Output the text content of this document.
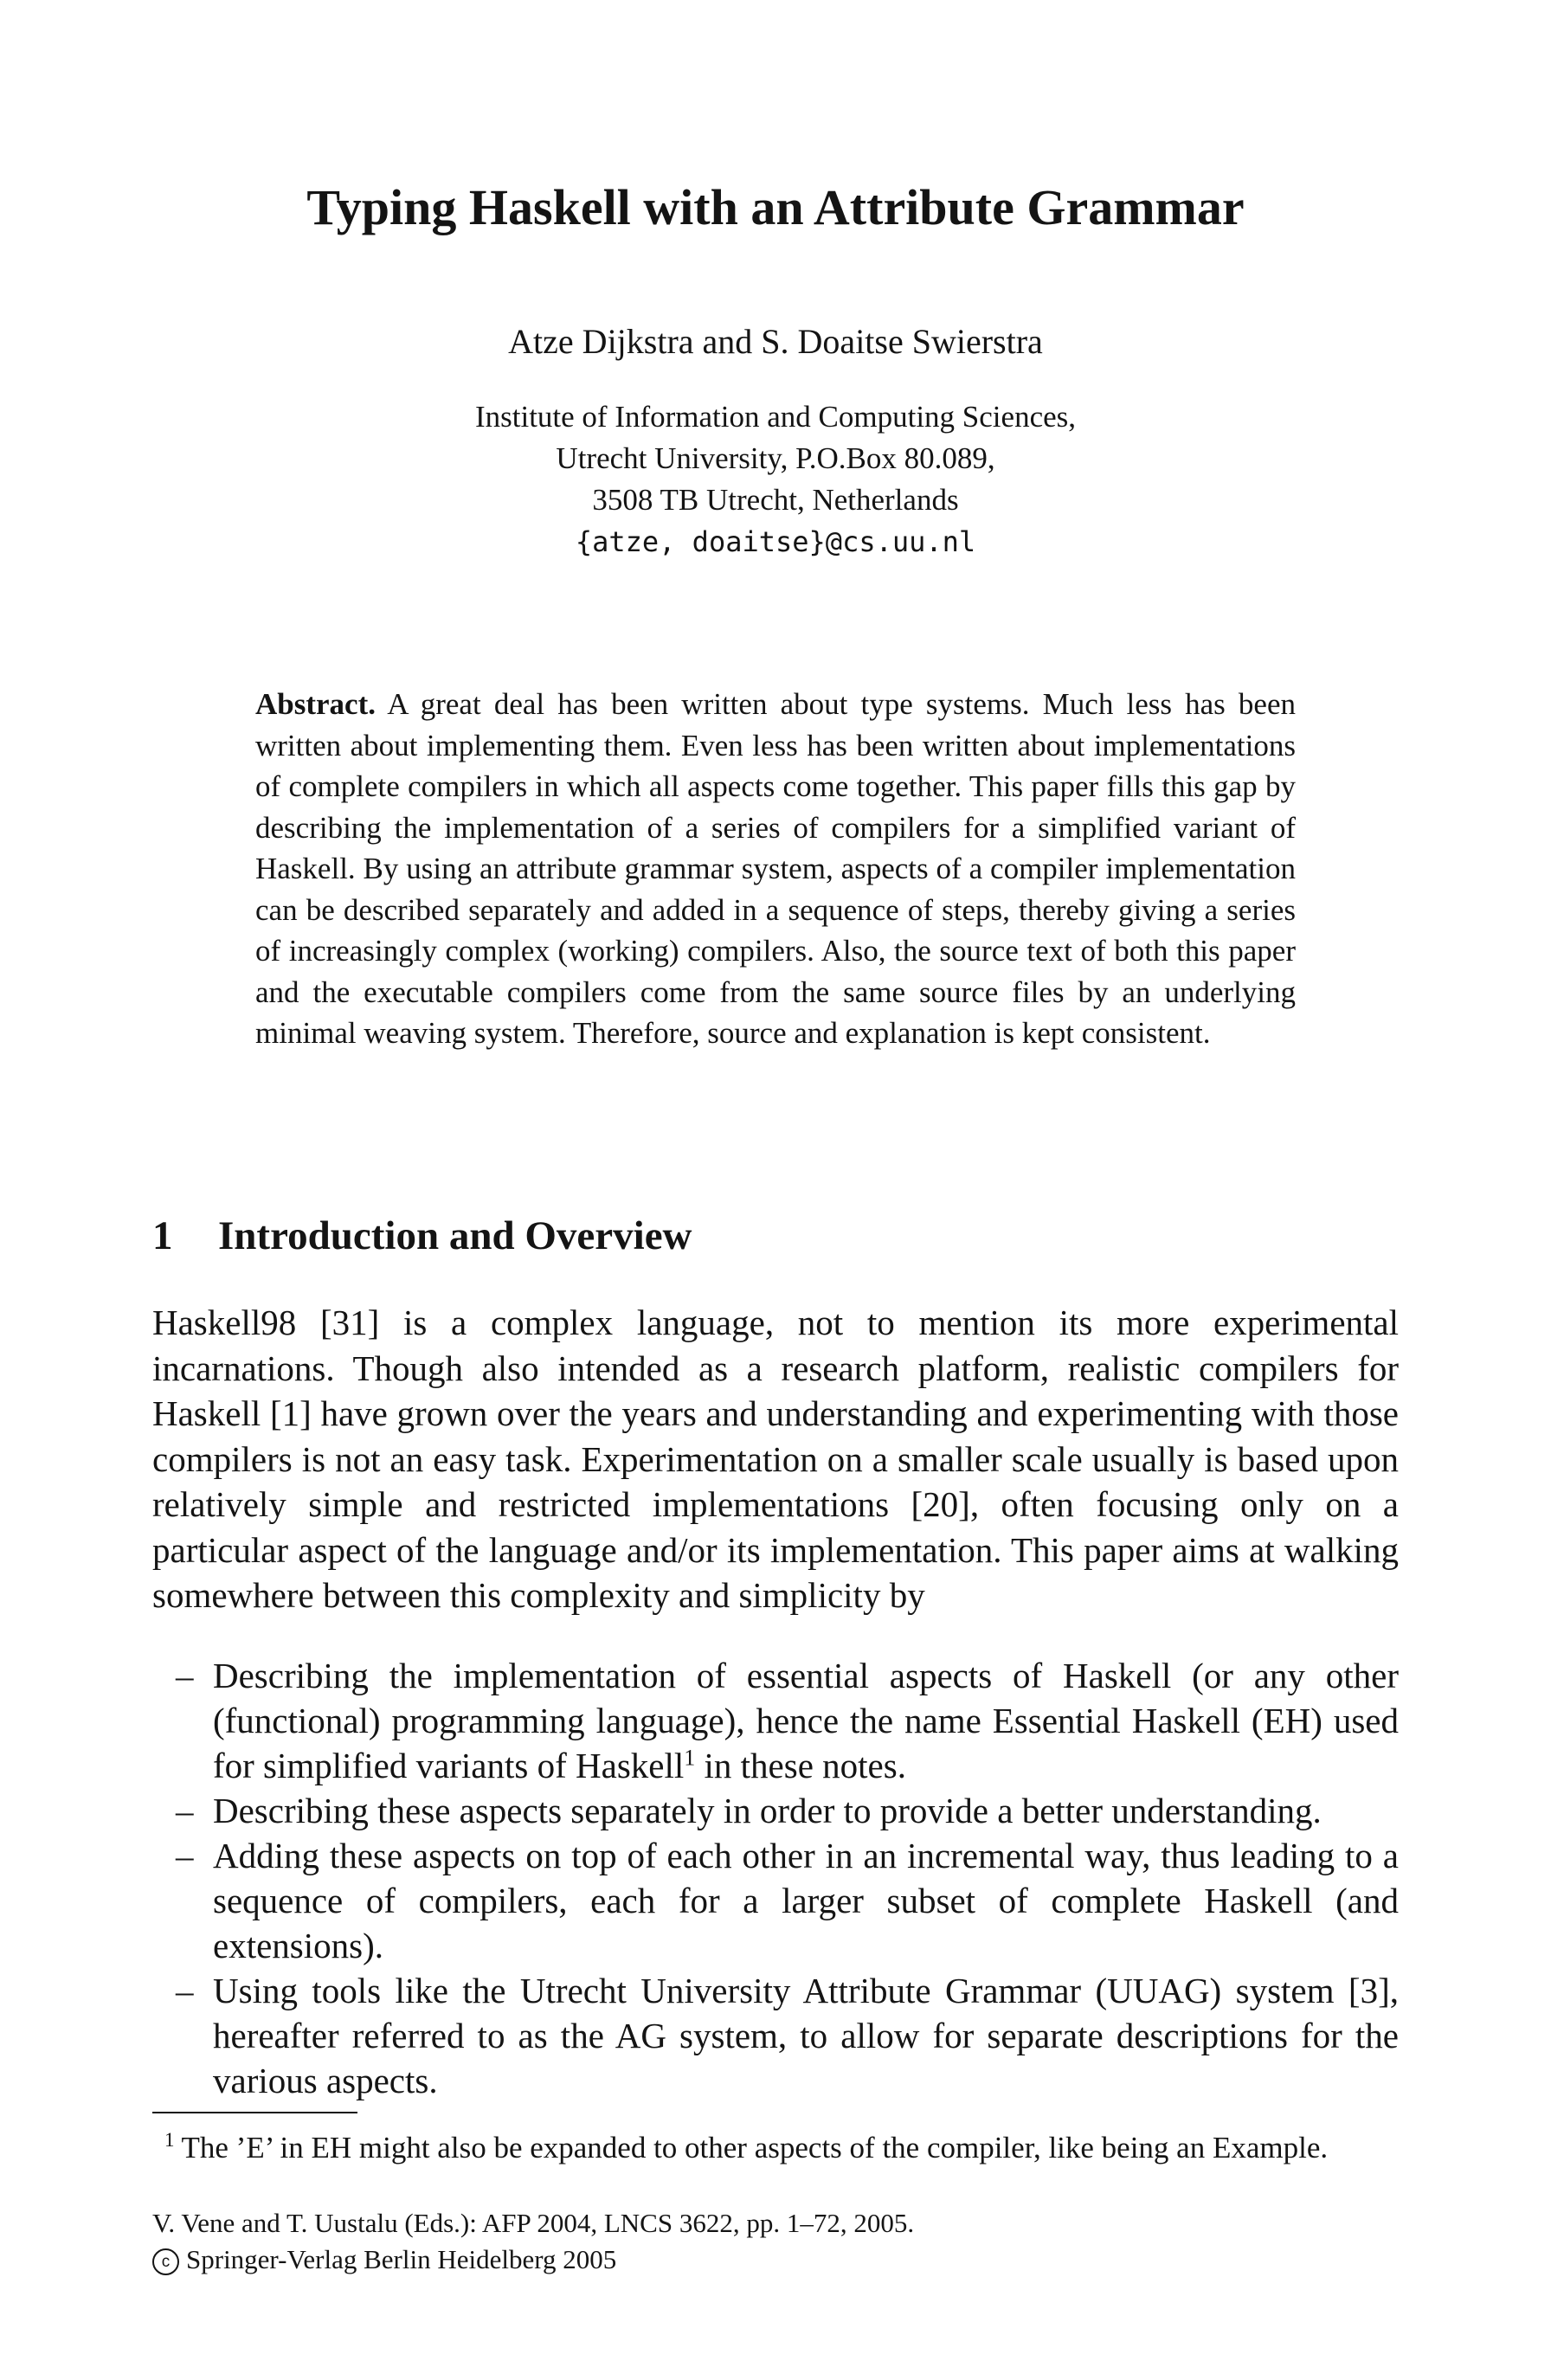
Typing Haskell with an Attribute Grammar
Atze Dijkstra and S. Doaitse Swierstra
Institute of Information and Computing Sciences,
Utrecht University, P.O.Box 80.089,
3508 TB Utrecht, Netherlands
{atze, doaitse}@cs.uu.nl

Abstract. A great deal has been written about type systems. Much less has been written about implementing them. Even less has been written about implementations of complete compilers in which all aspects come together. This paper fills this gap by describing the implementation of a series of compilers for a simplified variant of Haskell. By using an attribute grammar system, aspects of a compiler implementation can be described separately and added in a sequence of steps, thereby giving a series of increasingly complex (working) compilers. Also, the source text of both this paper and the executable compilers come from the same source files by an underlying minimal weaving system. Therefore, source and explanation is kept consistent.

1 Introduction and Overview

Haskell98 [31] is a complex language, not to mention its more experimental incarnations. Though also intended as a research platform, realistic compilers for Haskell [1] have grown over the years and understanding and experimenting with those compilers is not an easy task. Experimentation on a smaller scale usually is based upon relatively simple and restricted implementations [20], often focusing only on a particular aspect of the language and/or its implementation. This paper aims at walking somewhere between this complexity and simplicity by

– Describing the implementation of essential aspects of Haskell (or any other (functional) programming language), hence the name Essential Haskell (EH) used for simplified variants of Haskell$^1$ in these notes.
– Describing these aspects separately in order to provide a better understanding.
– Adding these aspects on top of each other in an incremental way, thus leading to a sequence of compilers, each for a larger subset of complete Haskell (and extensions).
– Using tools like the Utrecht University Attribute Grammar (UUAG) system [3], hereafter referred to as the AG system, to allow for separate descriptions for the various aspects.

$^1$ The ’E’ in EH might also be expanded to other aspects of the compiler, like being an Example.

V. Vene and T. Uustalu (Eds.): AFP 2004, LNCS 3622, pp. 1–72, 2005.
c Springer-Verlag Berlin Heidelberg 2005
